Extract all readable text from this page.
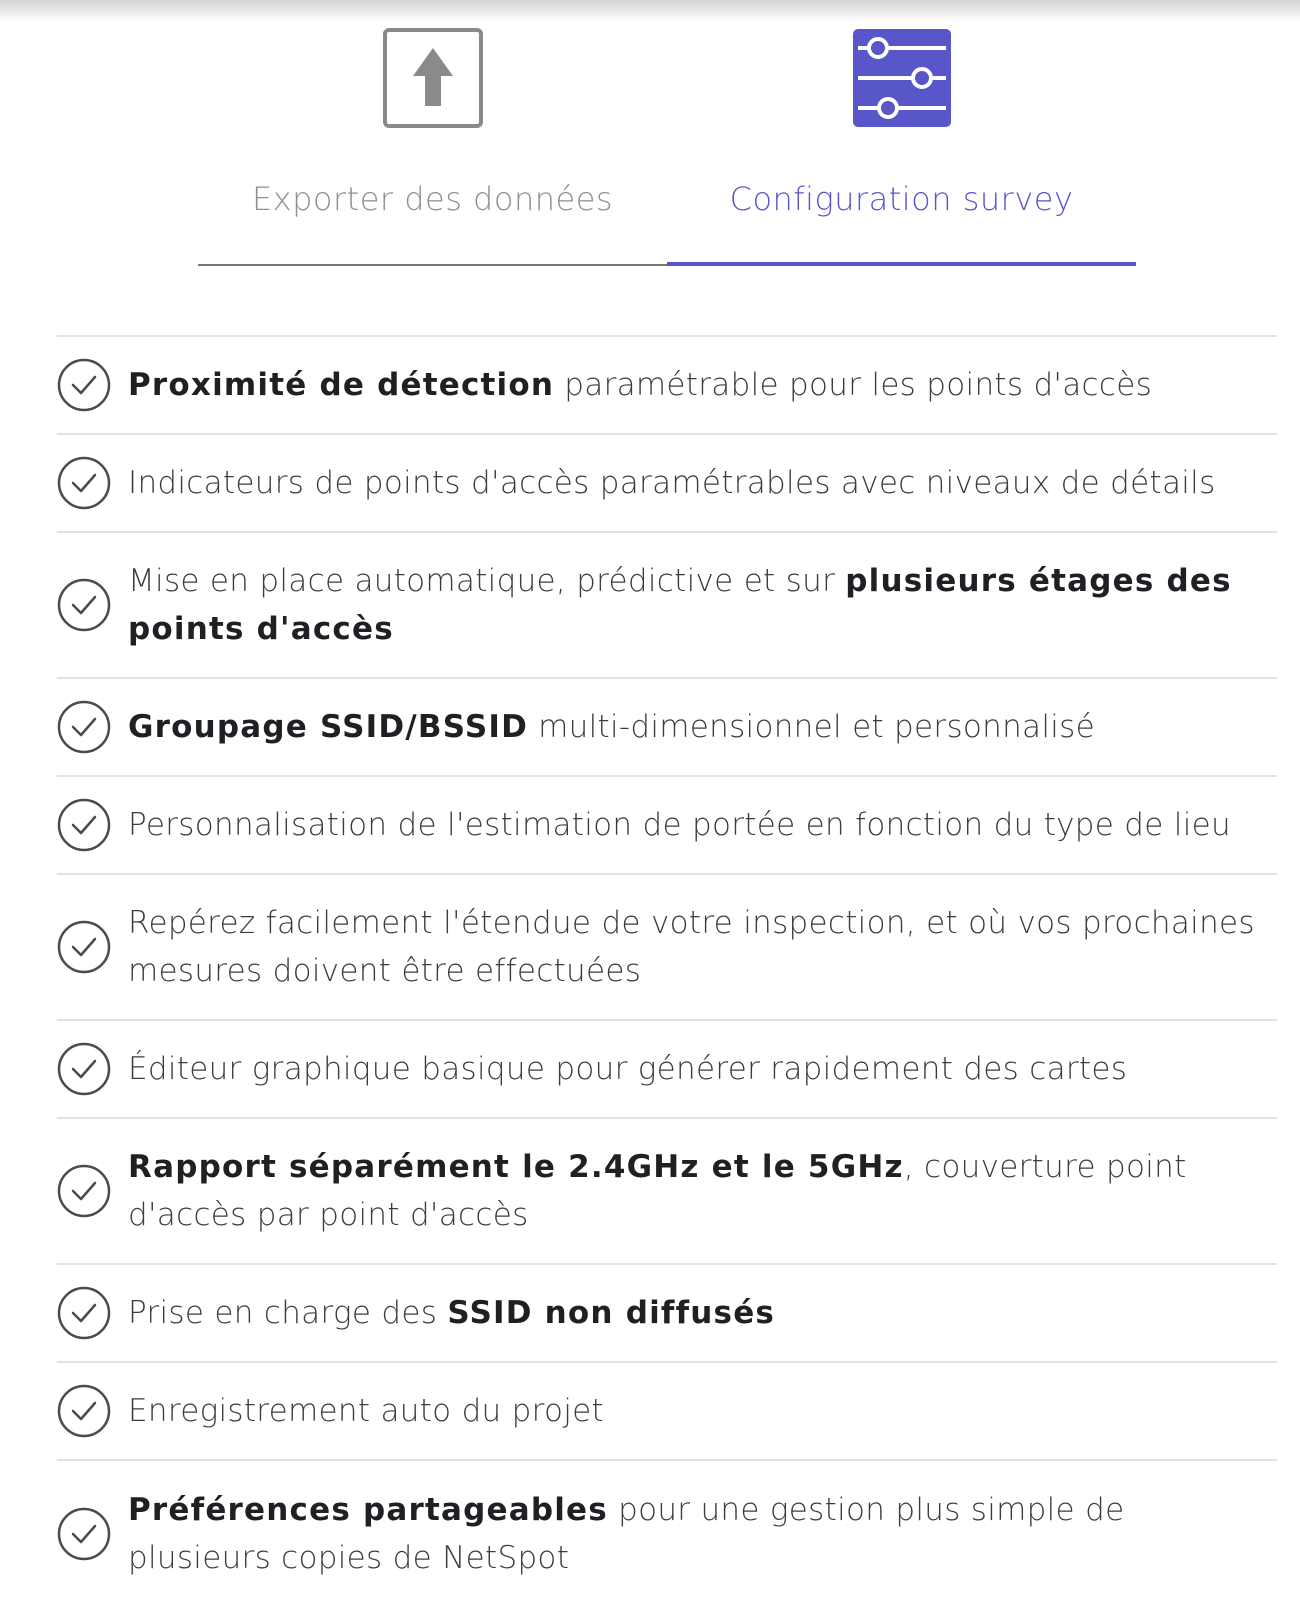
Exporter des données	Configuration survey
Proximité de détection paramétrable pour les points d'accès
Indicateurs de points d'accès paramétrables avec niveaux de détails
Mise en place automatique, prédictive et sur plusieurs étages des points d'accès
Groupage SSID/BSSID multi-dimensionnel et personnalisé
Personnalisation de l'estimation de portée en fonction du type de lieu
Repérez facilement l'étendue de votre inspection, et où vos prochaines mesures doivent être effectuées
Éditeur graphique basique pour générer rapidement des cartes
Rapport séparément le 2.4GHz et le 5GHz, couverture point d'accès par point d'accès
Prise en charge des SSID non diffusés
Enregistrement auto du projet
Préférences partageables pour une gestion plus simple de plusieurs copies de NetSpot
